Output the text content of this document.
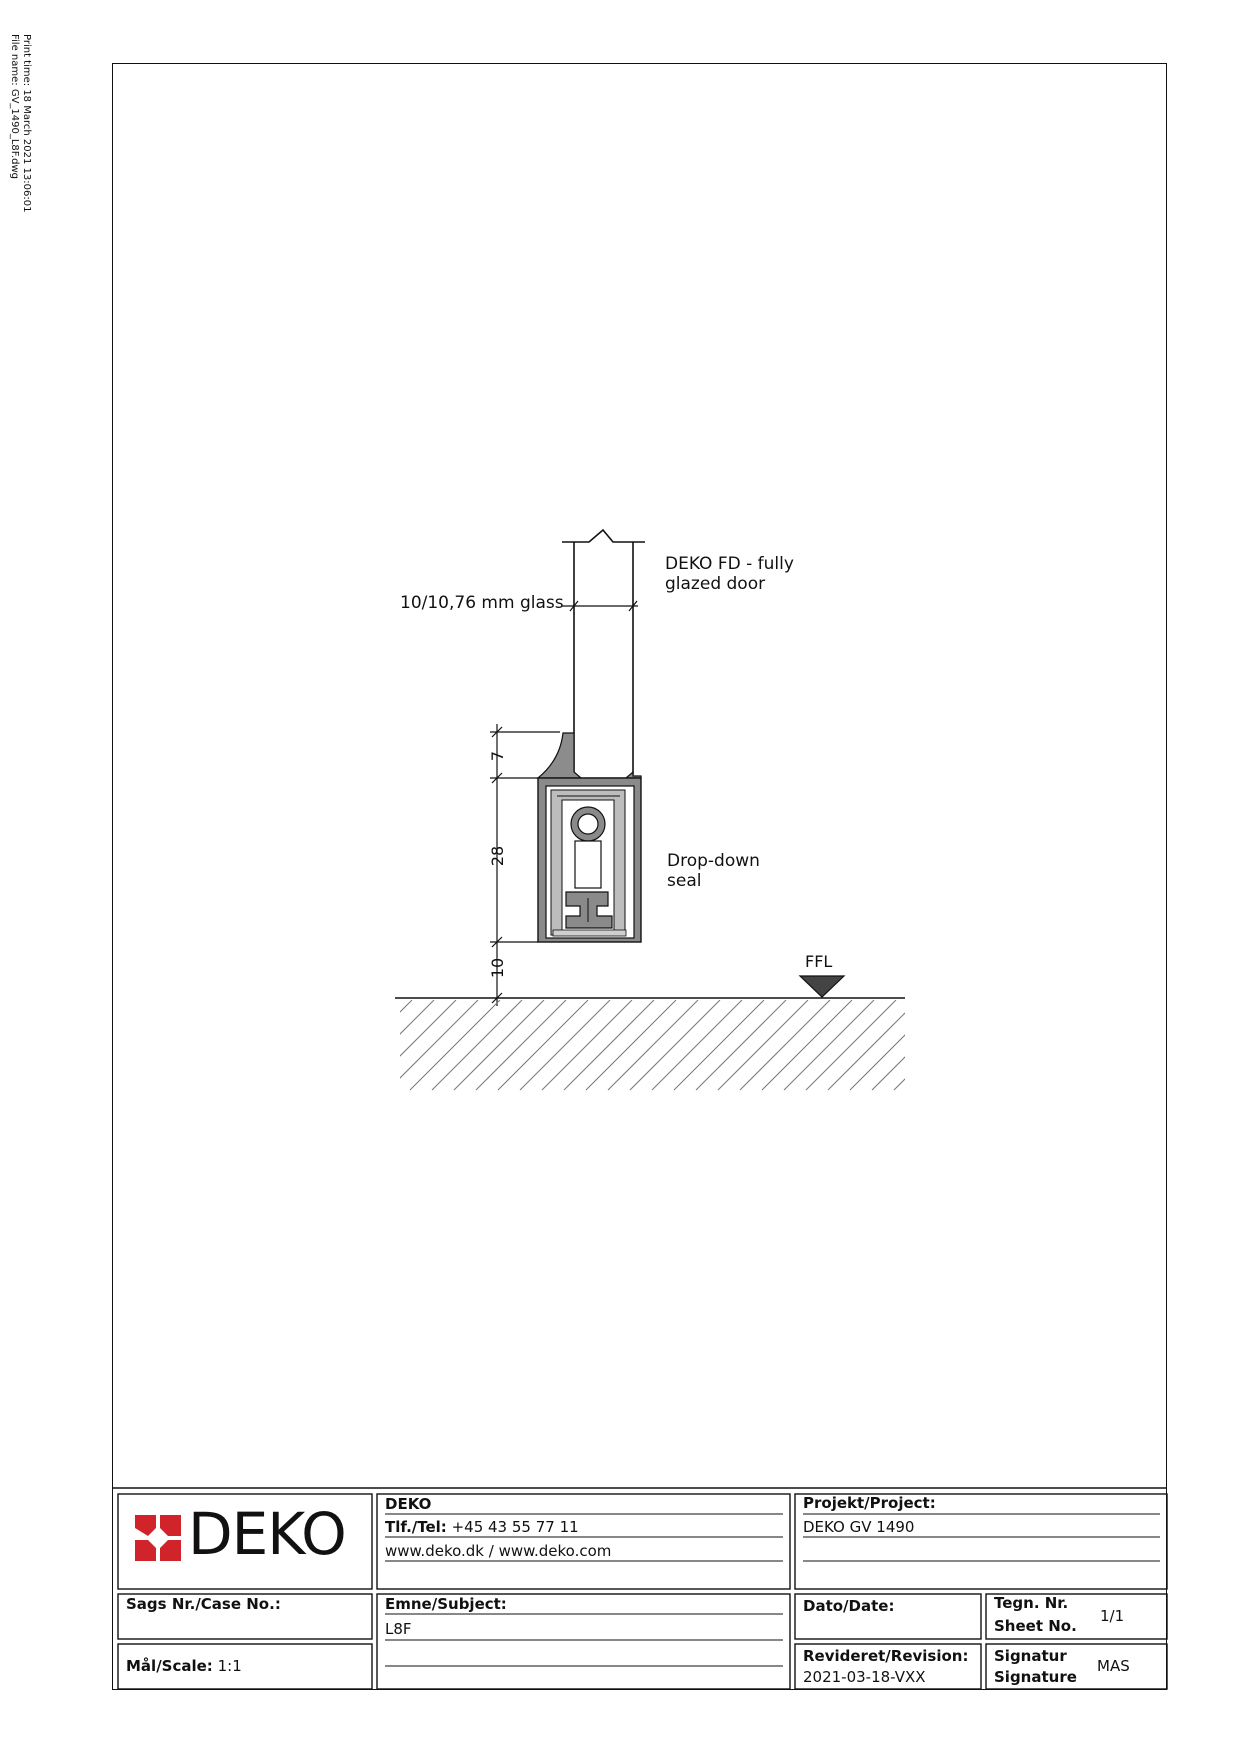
Print time: 18 March 2021 13:06:01
File name: GV_1490_L8F.dwg
10/10,76 mm glass
DEKO FD - fully
glazed door
Drop-down
seal
FFL
7
28
10
DEKO	DEKO
Tlf./Tel: +45 43 55 77 11
www.deko.dk / www.deko.com
Projekt/Project:
DEKO GV 1490
Sags Nr./Case No.:	Emne/Subject:
L8F
Dato/Date:	Tegn. Nr.
Sheet No.
1/1
Mål/Scale: 1:1
Revideret/Revision:
2021-03-18-VXX
Signatur
Signature
MAS
